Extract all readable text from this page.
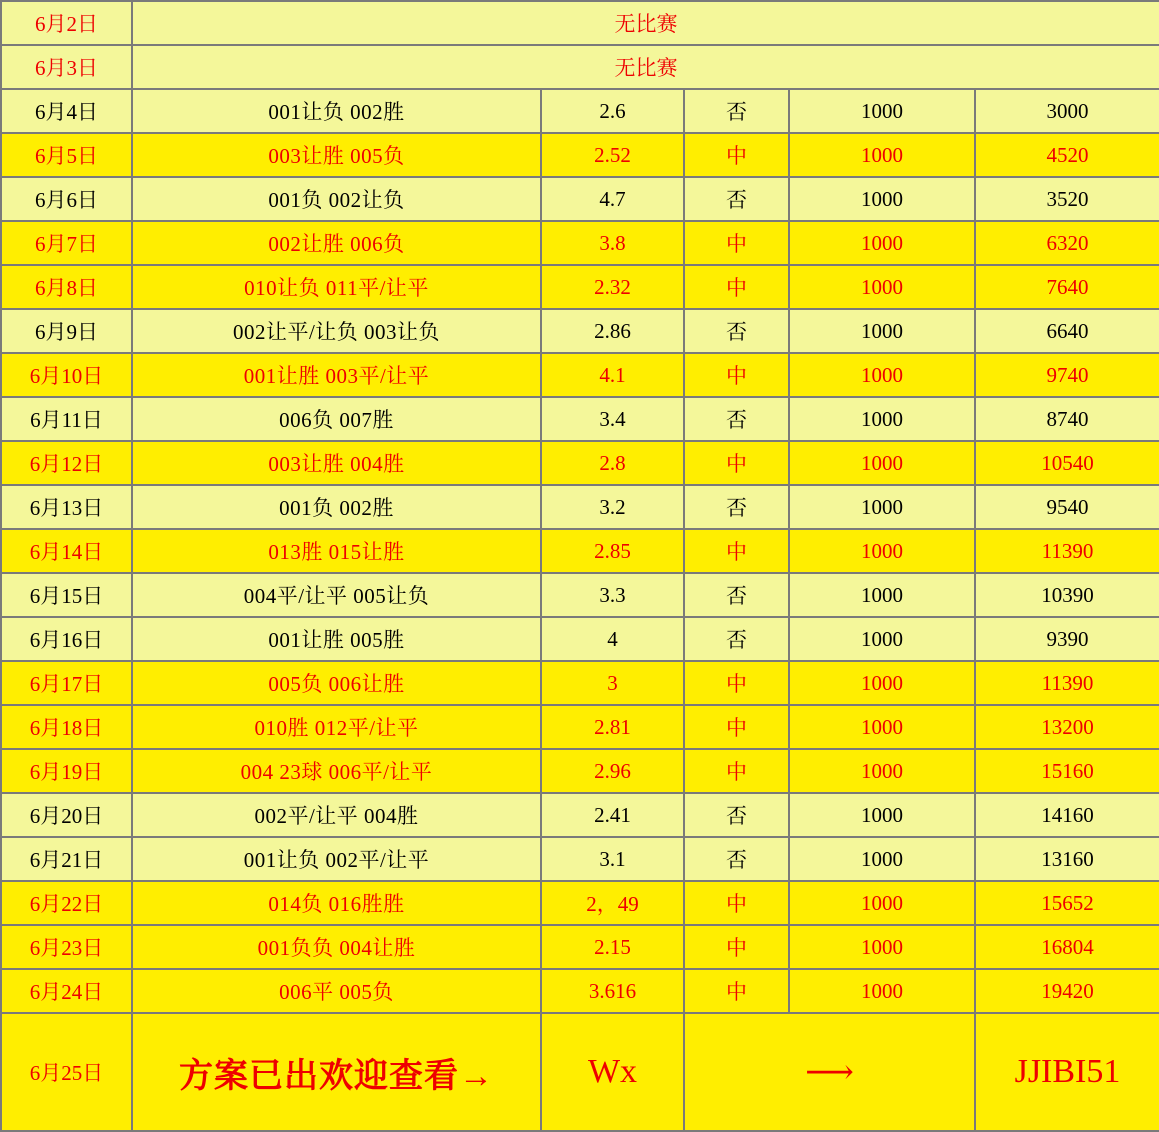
6月2日	无比赛				
6月3日	无比赛				
6月4日	001让负 002胜	2.6	否	1000	3000
6月5日	003让胜 005负	2.52	中	1000	4520
6月6日	001负 002让负	4.7	否	1000	3520
6月7日	002让胜 006负	3.8	中	1000	6320
6月8日	010让负 011平/让平	2.32	中	1000	7640
6月9日	002让平/让负 003让负	2.86	否	1000	6640
6月10日	001让胜 003平/让平	4.1	中	1000	9740
6月11日	006负 007胜	3.4	否	1000	8740
6月12日	003让胜 004胜	2.8	中	1000	10540
6月13日	001负 002胜	3.2	否	1000	9540
6月14日	013胜 015让胜	2.85	中	1000	11390
6月15日	004平/让平 005让负	3.3	否	1000	10390
6月16日	001让胜 005胜	4	否	1000	9390
6月17日	005负 006让胜	3	中	1000	11390
6月18日	010胜 012平/让平	2.81	中	1000	13200
6月19日	004 23球 006平/让平	2.96	中	1000	15160
6月20日	002平/让平 004胜	2.41	否	1000	14160
6月21日	001让负 002平/让平	3.1	否	1000	13160
6月22日	014负 016胜胜	2，49	中	1000	15652
6月23日	001负负 004让胜	2.15	中	1000	16804
6月24日	006平 005负	3.616	中	1000	19420
6月25日	方案已出欢迎查看→	Wx	⟶		JJIBI51
